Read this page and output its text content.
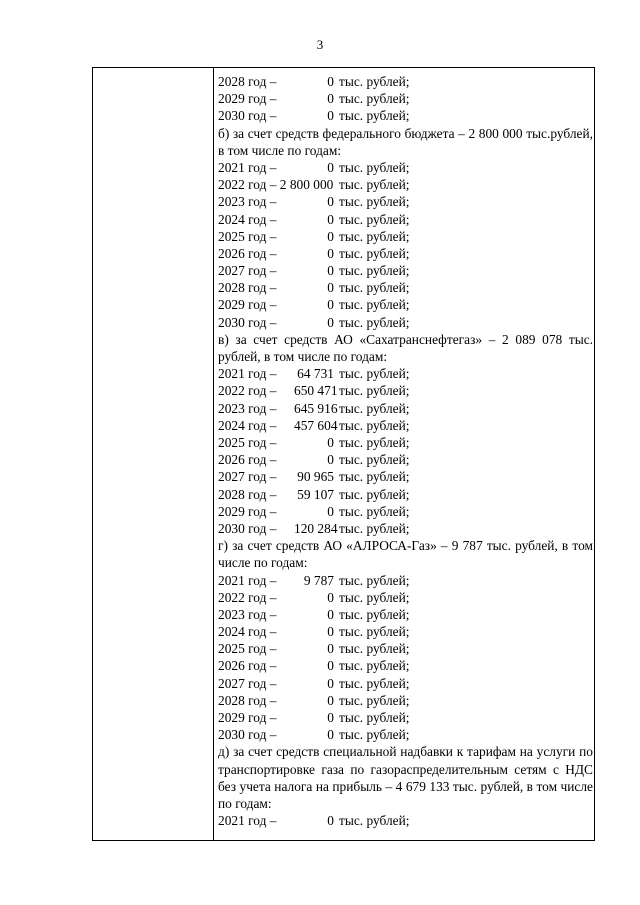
3
2028 год –	0 тыс. рублей;
2029 год –	0 тыс. рублей;
2030 год –	0 тыс. рублей;
б) за счет средств федерального бюджета – 2 800 000 тыс.рублей, в том числе по годам:
2021 год –	0 тыс. рублей;
2022 год – 2 800 000 тыс. рублей;
2023 год –	0 тыс. рублей;
2024 год –	0 тыс. рублей;
2025 год –	0 тыс. рублей;
2026 год –	0 тыс. рублей;
2027 год –	0 тыс. рублей;
2028 год –	0 тыс. рублей;
2029 год –	0 тыс. рублей;
2030 год –	0 тыс. рублей;
в) за счет средств АО «Сахатранснефтегаз» – 2 089 078 тыс. рублей, в том числе по годам:
2021 год –	64 731 тыс. рублей;
2022 год –	650 471 тыс. рублей;
2023 год –	645 916 тыс. рублей;
2024 год –	457 604 тыс. рублей;
2025 год –	0 тыс. рублей;
2026 год –	0 тыс. рублей;
2027 год –	90 965 тыс. рублей;
2028 год –	59 107 тыс. рублей;
2029 год –	0 тыс. рублей;
2030 год –	120 284 тыс. рублей;
г) за счет средств АО «АЛРОСА-Газ» – 9 787 тыс. рублей, в том числе по годам:
2021 год –	9 787 тыс. рублей;
2022 год –	0 тыс. рублей;
2023 год –	0 тыс. рублей;
2024 год –	0 тыс. рублей;
2025 год –	0 тыс. рублей;
2026 год –	0 тыс. рублей;
2027 год –	0 тыс. рублей;
2028 год –	0 тыс. рублей;
2029 год –	0 тыс. рублей;
2030 год –	0 тыс. рублей;
д) за счет средств специальной надбавки к тарифам на услуги по транспортировке газа по газораспределительным сетям с НДС без учета налога на прибыль – 4 679 133 тыс. рублей, в том числе по годам:
2021 год –	0 тыс. рублей;
